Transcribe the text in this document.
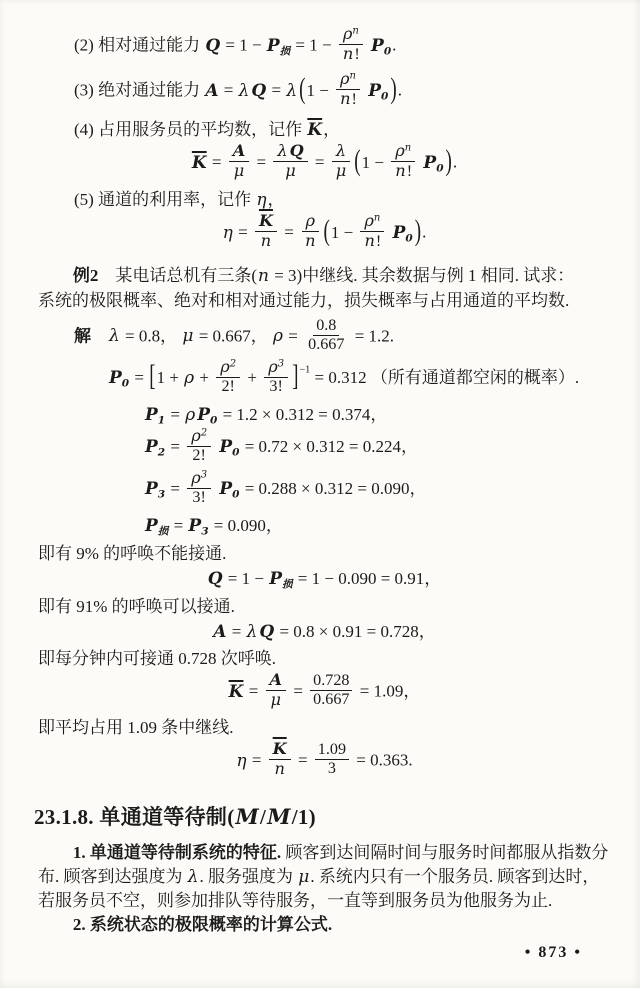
(2) 相对通过能力 $Q = 1 - P_损 = 1 - \frac{\rho^n}{n!} P_0$.
(3) 绝对通过能力 A = λ Q = λ ($1 - \frac{\rho^n}{n!} P_0$ ).
(4) 占用服务员的平均数，记作 $\overline{K}$，
$\overline{K} = \frac{A}{\mu} = \frac{\text{λ Q}}{\mu} = \frac{\lambda}{\mu} (1 - \frac{\rho^n}{n!} P_0$ ).
(5) 通道的利用率，记作 η，
$\eta = \frac{\overline{K}}{n} = \frac{\rho}{n} (1 - \frac{\rho^n}{n!} P_0$ ).
例2　某电话总机有三条(n = 3)中继线. 其余数据与例 1 相同. 试求：
系统的极限概率、绝对和相对通过能力，损失概率与占用通道的平均数.
解　 λ = 0.8， μ = 0.667， $\rho = \frac{0.8}{0.667} = 1.2$.
$P_0 = [1 + \rho + \frac{\rho^2}{2!} + \frac{\rho^3}{3!} ]^{-1} = 0.312$ （所有通道都空闲的概率）.
$P_1 = \rho$ $P_0 = 1.2 \times 0.312 = 0.374$，
$P_2 = \frac{\rho^2}{2!} P_0 = 0.72 \times 0.312 = 0.224$，
$P_3 = \frac{\rho^3}{3!} P_0 = 0.288 \times 0.312 = 0.090$，
$P_损 = P_3 = 0.090$，
即有 9% 的呼唤不能接通.
$Q = 1 - P_损 = 1 - 0.090 = 0.91$，
即有 91% 的呼唤可以接通.
A = λ Q = 0.8 × 0.91 = 0.728，
即每分钟内可接通 0.728 次呼唤.
$\overline{K} = \frac{A}{\mu} = \frac{0.728}{0.667} = 1.09$，
即平均占用 1.09 条中继线.
$\eta = \frac{\overline{K}}{n} = \frac{1.09}{3} = 0.363$.
23.1.8. 单通道等待制(M/M/1)
1. 单通道等待制系统的特征. 顾客到达间隔时间与服务时间都服从指数分
布. 顾客到达强度为 λ. 服务强度为 μ. 系统内只有一个服务员. 顾客到达时，
若服务员不空，则参加排队等待服务，一直等到服务员为他服务为止.
2. 系统状态的极限概率的计算公式.
• 873 •
